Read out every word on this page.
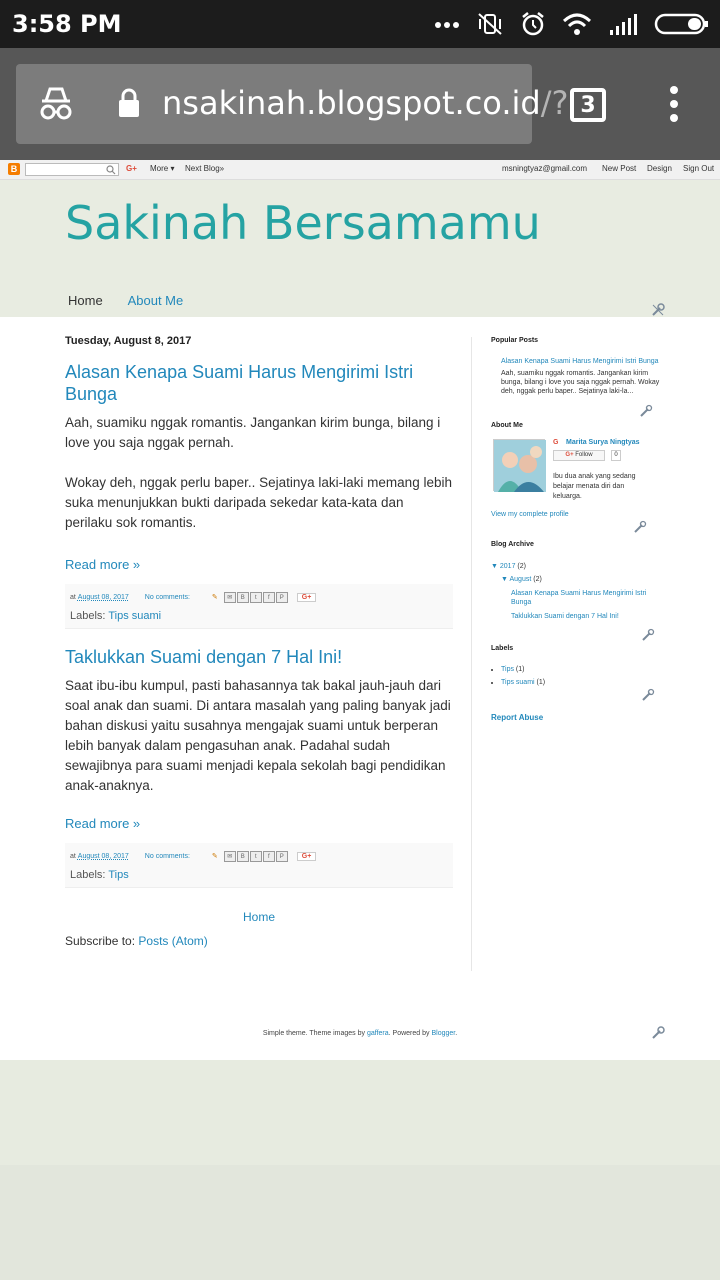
3:58 PM
nsakinah.blogspot.co.id/? 3
B	G+ More ▾ Next Blog»	msningtyaz@gmail.com New Post Design Sign Out
Sakinah Bersamamu
Home About Me
Tuesday, August 8, 2017
Alasan Kenapa Suami Harus Mengirimi Istri Bunga

Aah, suamiku nggak romantis. Jangankan kirim bunga, bilang i love you saja nggak pernah.

Wokay deh, nggak perlu baper.. Sejatinya laki-laki memang lebih suka menunjukkan bukti daripada sekedar kata-kata dan perilaku sok romantis.

Read more »
at
August 08, 2017 No comments:	✎	✉	B	t	f	P	G+
Labels: Tips suami
Taklukkan Suami dengan 7 Hal Ini!

Saat ibu-ibu kumpul, pasti bahasannya tak bakal jauh-jauh dari soal anak dan suami. Di antara masalah yang paling banyak jadi bahan diskusi yaitu susahnya mengajak suami untuk berperan lebih banyak dalam pengasuhan anak. Padahal sudah sewajibnya para suami menjadi kepala sekolah bagi pendidikan anak-anaknya.

Read more »
at
August 08, 2017 No comments:	✎	✉	B	t	f	P	G+
Labels: Tips
Home
Subscribe to: Posts (Atom)
Popular Posts
Alasan Kenapa Suami Harus Mengirimi Istri Bunga
Aah, suamiku nggak romantis. Jangankan kirim bunga, bilang i love you saja nggak pernah. Wokay deh, nggak perlu baper.. Sejatinya laki-la...
About Me
G Marita Surya Ningtyas
G+ Follow	0
Ibu dua anak yang sedang belajar menata diri dan keluarga.
View my complete profile
Blog Archive
▼ 2017 (2)
▼ August (2)
Alasan Kenapa Suami Harus Mengirimi Istri Bunga
Taklukkan Suami dengan 7 Hal Ini!
Labels
• Tips (1)
• Tips suami (1)
Report Abuse
Simple theme. Theme images by gaffera. Powered by Blogger.
